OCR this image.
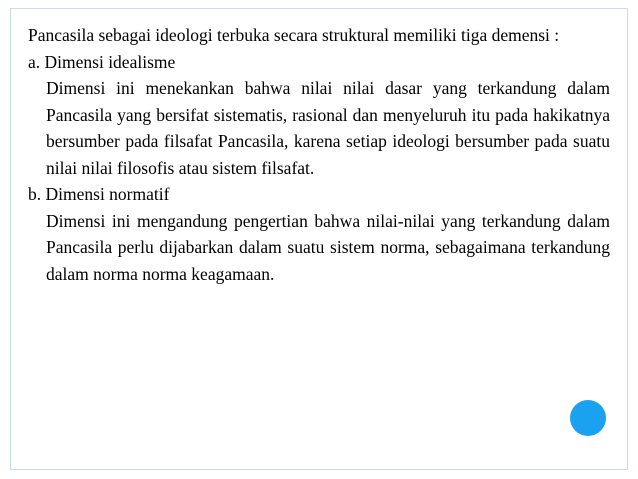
Pancasila sebagai ideologi terbuka secara struktural memiliki tiga demensi :

a. Dimensi idealisme

Dimensi ini menekankan bahwa nilai nilai dasar yang terkandung dalam Pancasila yang bersifat sistematis, rasional dan menyeluruh itu pada hakikatnya bersumber pada filsafat Pancasila, karena setiap ideologi bersumber pada suatu nilai nilai filosofis atau sistem filsafat.

b. Dimensi normatif

Dimensi ini mengandung pengertian bahwa nilai-nilai yang terkandung dalam Pancasila perlu dijabarkan dalam suatu sistem norma, sebagaimana terkandung dalam norma norma keagamaan.
